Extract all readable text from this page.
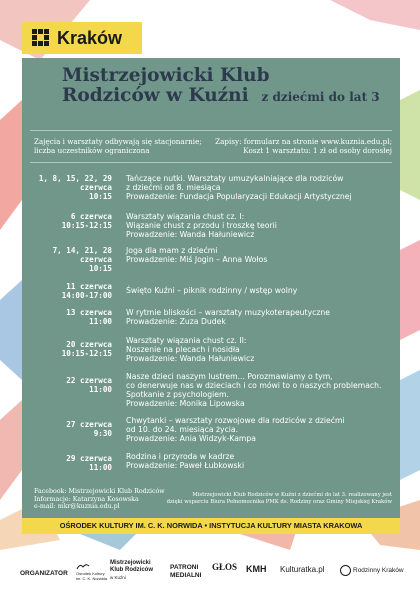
Kraków
Ośrodek Kultury
Mistrzejowicki Klub
Rodziców w Kuźni z dziećmi do lat 3
Zajęcia i warsztaty odbywają się stacjonarnie;
liczba uczestników ograniczona
Zapisy: formularz na stronie www.kuznia.edu.pl;
Koszt 1 warsztatu: 1 zł od osoby dorosłej
1, 8, 15, 22, 29
czerwca
10:15
Tańczące nutki. Warsztaty umuzykalniające dla rodziców
z dziećmi od 8. miesiąca
Prowadzenie: Fundacja Popularyzacji Edukacji Artystycznej
6 czerwca
10:15-12:15
Warsztaty wiązania chust cz. I:
Wiązanie chust z przodu i troszkę teorii
Prowadzenie: Wanda Hałuniewicz
7, 14, 21, 28
czerwca
10:15
Joga dla mam z dziećmi
Prowadzenie: Miś Jogin – Anna Wołos
11 czerwca
14:00-17:00
Święto Kuźni – piknik rodzinny / wstęp wolny
13 czerwca
11:00
W rytmie bliskości – warsztaty muzykoterapeutyczne
Prowadzenie: Zuza Dudek
20 czerwca
10:15-12:15
Warsztaty wiązania chust cz. II:
Noszenie na plecach i nosidła
Prowadzenie: Wanda Hałuniewicz
22 czerwca
11:00
Nasze dzieci naszym lustrem... Porozmawiamy o tym,
co denerwuje nas w dzieciach i co mówi to o naszych problemach.
Spotkanie z psychologiem.
Prowadzenie: Monika Lipowska
27 czerwca
9:30
Chwytanki – warsztaty rozwojowe dla rodziców z dziećmi
od 10. do 24. miesiąca życia.
Prowadzenie: Ania Widzyk-Kampa
29 czerwca
11:00
Rodzina i przyroda w kadrze
Prowadzenie: Paweł Łubkowski
Facebook: Mistrzejowicki Klub Rodziców
Informacje: Katarzyna Kosowska
e-mail: mkr@kuznia.edu.pl
Mistrzejowicki Klub Rodziców w Kuźni z dziećmi do lat 3. realizowany jest
dzięki wsparciu Biura Pełnomocnika PMK ds. Rodziny oraz Gminy Miejskiej Kraków
OŚRODEK KULTURY IM. C. K. NORWIDA • INSTYTUCJA KULTURY MIASTA KRAKOWA
ORGANIZATOR Ośrodek Kultury
im. C. K. Norwida
Mistrzejowicki
Klub Rodziców
w Kuźni
PATRONI
MEDIALNI
GŁOS KMH Kulturatka.pl	Rodzinny Kraków
